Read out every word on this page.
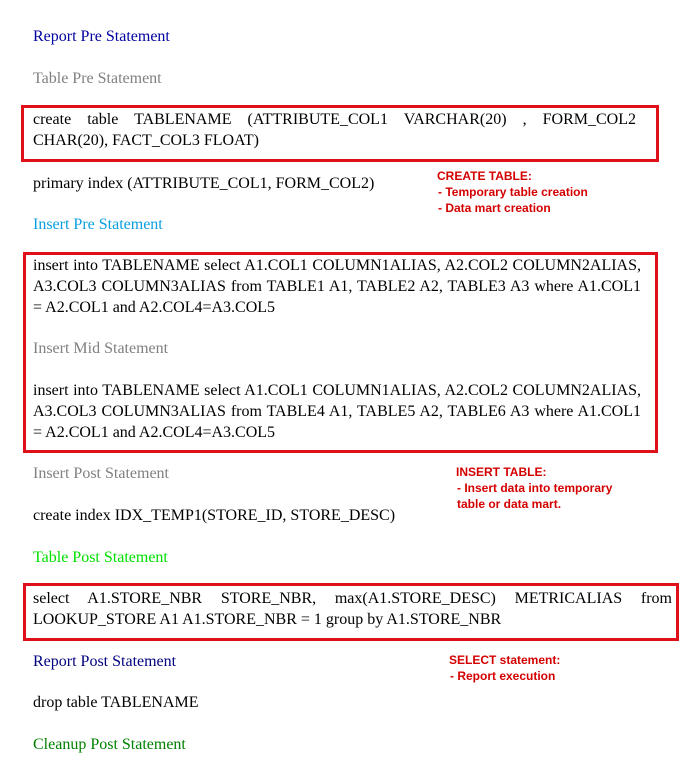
Report Pre Statement
Table Pre Statement
create table TABLENAME (ATTRIBUTE_COL1 VARCHAR(20) , FORM_COL2 CHAR(20), FACT_COL3 FLOAT)
primary index (ATTRIBUTE_COL1, FORM_COL2)	CREATE TABLE:
- Temporary table creation
- Data mart creation
Insert Pre Statement
insert into TABLENAME select A1.COL1 COLUMN1ALIAS, A2.COL2 COLUMN2ALIAS, A3.COL3 COLUMN3ALIAS from TABLE1 A1, TABLE2 A2, TABLE3 A3 where A1.COL1 = A2.COL1 and A2.COL4=A3.COL5
Insert Mid Statement
insert into TABLENAME select A1.COL1 COLUMN1ALIAS, A2.COL2 COLUMN2ALIAS, A3.COL3 COLUMN3ALIAS from TABLE4 A1, TABLE5 A2, TABLE6 A3 where A1.COL1 = A2.COL1 and A2.COL4=A3.COL5
Insert Post Statement	INSERT TABLE:
- Insert data into temporary
table or data mart.
create index IDX_TEMP1(STORE_ID, STORE_DESC)
Table Post Statement
select A1.STORE_NBR STORE_NBR, max(A1.STORE_DESC) METRICALIAS from LOOKUP_STORE A1 A1.STORE_NBR = 1 group by A1.STORE_NBR
Report Post Statement	SELECT statement:
- Report execution
drop table TABLENAME
Cleanup Post Statement
